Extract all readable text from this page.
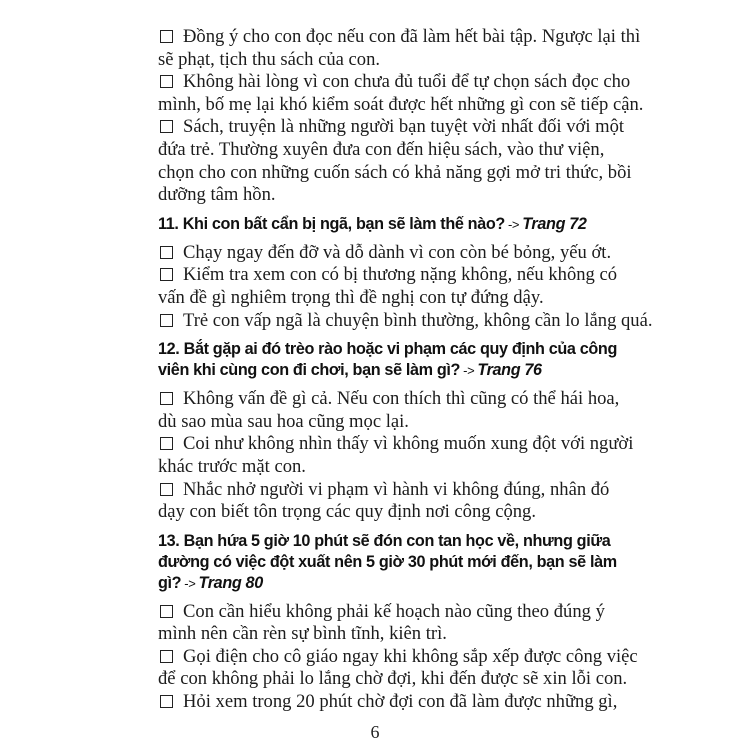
Đồng ý cho con đọc nếu con đã làm hết bài tập. Ngược lại thì
sẽ phạt, tịch thu sách của con.
Không hài lòng vì con chưa đủ tuổi để tự chọn sách đọc cho
mình, bố mẹ lại khó kiểm soát được hết những gì con sẽ tiếp cận.
Sách, truyện là những người bạn tuyệt vời nhất đối với một
đứa trẻ. Thường xuyên đưa con đến hiệu sách, vào thư viện,
chọn cho con những cuốn sách có khả năng gợi mở tri thức, bồi
dưỡng tâm hồn.
11. Khi con bất cẩn bị ngã, bạn sẽ làm thế nào? -> Trang 72
Chạy ngay đến đỡ và dỗ dành vì con còn bé bỏng, yếu ớt.
Kiểm tra xem con có bị thương nặng không, nếu không có
vấn đề gì nghiêm trọng thì đề nghị con tự đứng dậy.
Trẻ con vấp ngã là chuyện bình thường, không cần lo lắng quá.
12. Bắt gặp ai đó trèo rào hoặc vi phạm các quy định của công
viên khi cùng con đi chơi, bạn sẽ làm gì? -> Trang 76
Không vấn đề gì cả. Nếu con thích thì cũng có thể hái hoa,
dù sao mùa sau hoa cũng mọc lại.
Coi như không nhìn thấy vì không muốn xung đột với người
khác trước mặt con.
Nhắc nhở người vi phạm vì hành vi không đúng, nhân đó
dạy con biết tôn trọng các quy định nơi công cộng.
13. Bạn hứa 5 giờ 10 phút sẽ đón con tan học về, nhưng giữa
đường có việc đột xuất nên 5 giờ 30 phút mới đến, bạn sẽ làm
gì? -> Trang 80
Con cần hiểu không phải kế hoạch nào cũng theo đúng ý
mình nên cần rèn sự bình tĩnh, kiên trì.
Gọi điện cho cô giáo ngay khi không sắp xếp được công việc
để con không phải lo lắng chờ đợi, khi đến được sẽ xin lỗi con.
Hỏi xem trong 20 phút chờ đợi con đã làm được những gì,
6
